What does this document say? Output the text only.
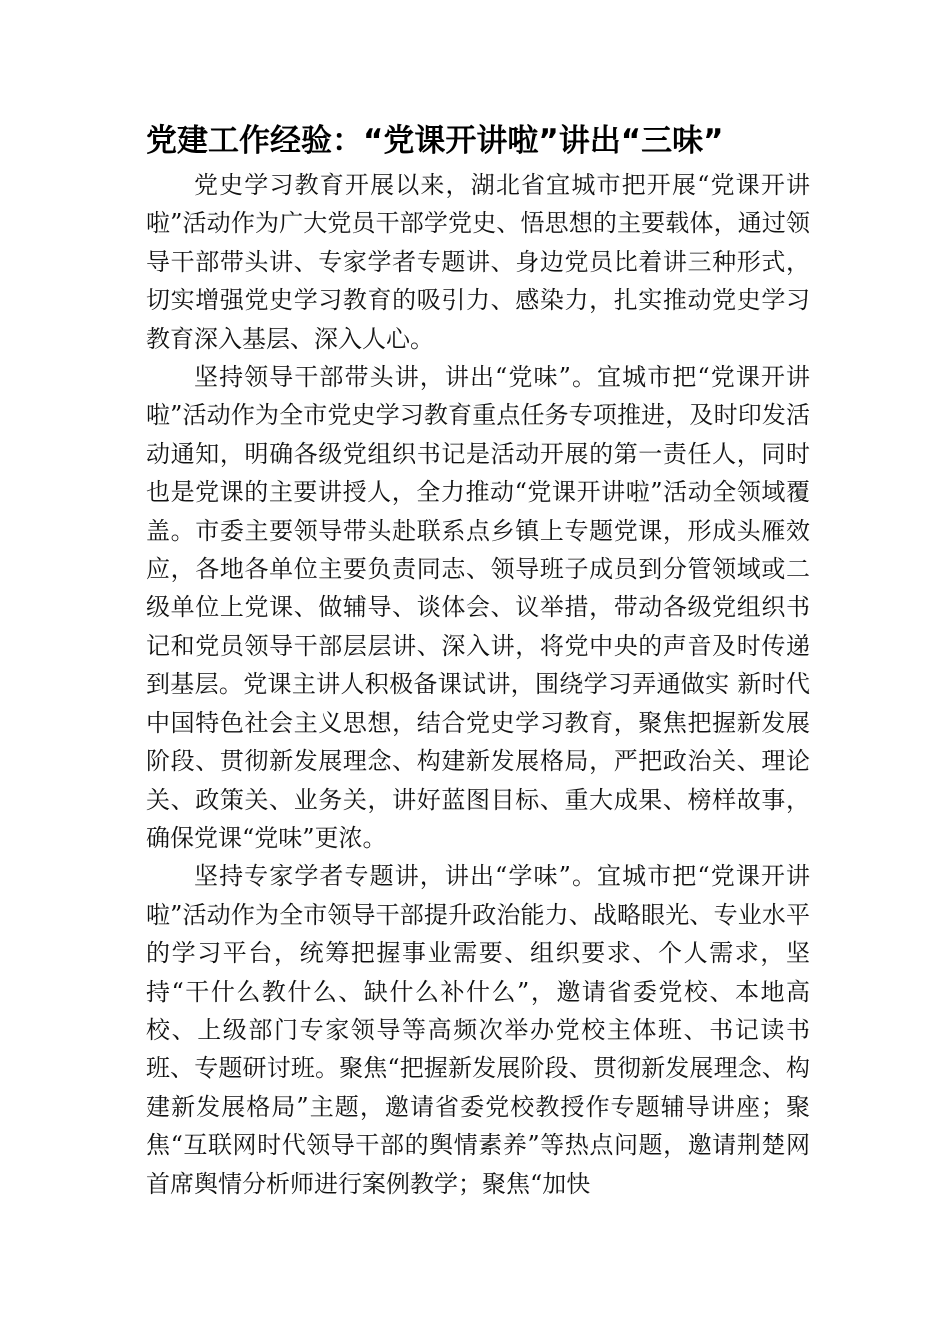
党建工作经验：“党课开讲啦”讲出“三味”

党史学习教育开展以来，湖北省宜城市把开展“党课开讲啦”活动作为广大党员干部学党史、悟思想的主要载体，通过领导干部带头讲、专家学者专题讲、身边党员比着讲三种形式，切实增强党史学习教育的吸引力、感染力，扎实推动党史学习教育深入基层、深入人心。

坚持领导干部带头讲，讲出“党味”。宜城市把“党课开讲啦”活动作为全市党史学习教育重点任务专项推进，及时印发活动通知，明确各级党组织书记是活动开展的第一责任人，同时也是党课的主要讲授人，全力推动“党课开讲啦”活动全领域覆盖。市委主要领导带头赴联系点乡镇上专题党课，形成头雁效应，各地各单位主要负责同志、领导班子成员到分管领域或二级单位上党课、做辅导、谈体会、议举措，带动各级党组织书记和党员领导干部层层讲、深入讲，将党中央的声音及时传递到基层。党课主讲人积极备课试讲，围绕学习弄通做实 新时代中国特色社会主义思想，结合党史学习教育，聚焦把握新发展阶段、贯彻新发展理念、构建新发展格局，严把政治关、理论关、政策关、业务关，讲好蓝图目标、重大成果、榜样故事，确保党课“党味”更浓。

坚持专家学者专题讲，讲出“学味”。宜城市把“党课开讲啦”活动作为全市领导干部提升政治能力、战略眼光、专业水平的学习平台，统筹把握事业需要、组织要求、个人需求，坚持“干什么教什么、缺什么补什么”，邀请省委党校、本地高校、上级部门专家领导等高频次举办党校主体班、书记读书班、专题研讨班。聚焦“把握新发展阶段、贯彻新发展理念、构建新发展格局”主题，邀请省委党校教授作专题辅导讲座；聚焦“互联网时代领导干部的舆情素养”等热点问题，邀请荆楚网首席舆情分析师进行案例教学；聚焦“加快
